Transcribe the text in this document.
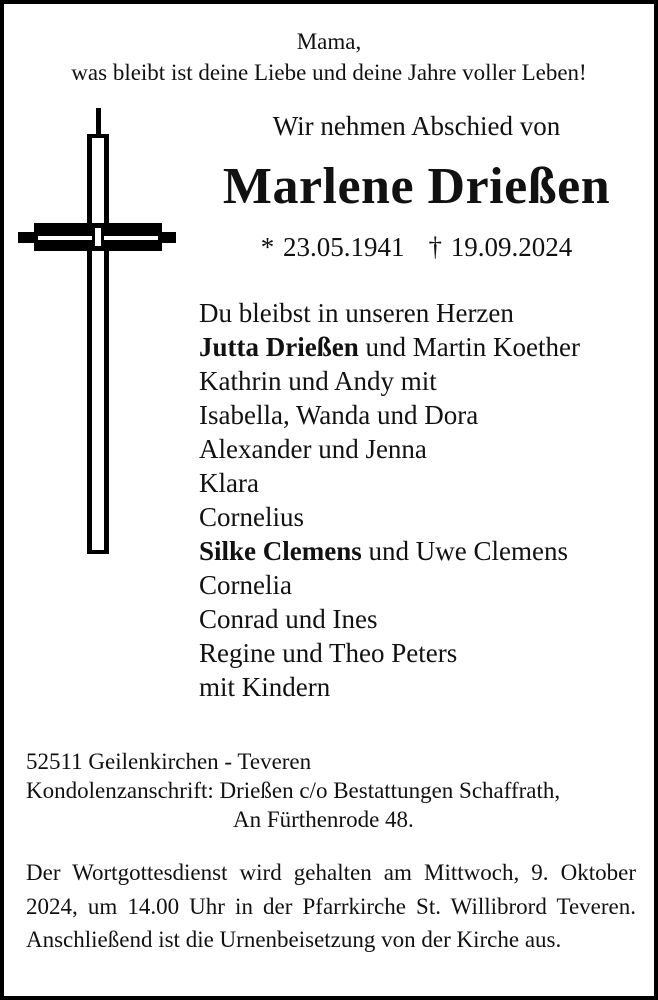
Mama,
was bleibt ist deine Liebe und deine Jahre voller Leben!
Wir nehmen Abschied von
Marlene Drießen
* 23.05.1941 † 19.09.2024
Du bleibst in unseren Herzen
Jutta Drießen und Martin Koether
Kathrin und Andy mit
Isabella, Wanda und Dora
Alexander und Jenna
Klara
Cornelius
Silke Clemens und Uwe Clemens
Cornelia
Conrad und Ines
Regine und Theo Peters
mit Kindern
52511 Geilenkirchen - Teveren
Kondolenzanschrift: Drießen c/o Bestattungen Schaffrath,
An Fürthenrode 48.
Der Wortgottesdienst wird gehalten am Mittwoch, 9. Oktober 2024, um 14.00 Uhr in der Pfarrkirche St. Willibrord Teveren. Anschließend ist die Urnenbeisetzung von der Kirche aus.
